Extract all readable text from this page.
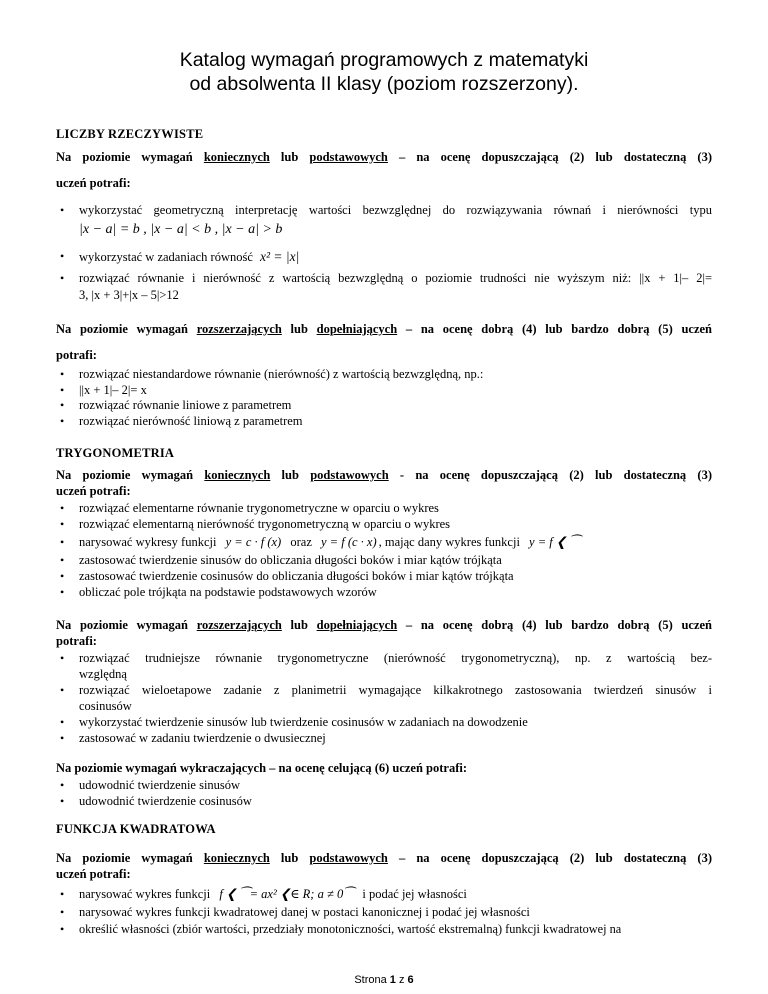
Katalog wymagań programowych z matematyki
od absolwenta II klasy (poziom rozszerzony).
LICZBY RZECZYWISTE
Na poziomie wymagań koniecznych lub podstawowych – na ocenę dopuszczającą (2) lub dostateczną (3)
uczeń potrafi:
• wykorzystać geometryczną interpretację wartości bezwzględnej do rozwiązywania równań i nierówności typu
|x − a| = b , |x − a| < b , |x − a| > b
• wykorzystać w zadaniach równość x² = |x|
• rozwiązać równanie i nierówność z wartością bezwzględną o poziomie trudności nie wyższym niż: ||x + 1|– 2|=
3, |x + 3|+|x – 5|>12
Na poziomie wymagań rozszerzających lub dopełniających – na ocenę dobrą (4) lub bardzo dobrą (5) uczeń
potrafi:
• rozwiązać niestandardowe równanie (nierówność) z wartością bezwzględną, np.:
• ||x + 1|– 2|= x
• rozwiązać równanie liniowe z parametrem
• rozwiązać nierówność liniową z parametrem
TRYGONOMETRIA
Na poziomie wymagań koniecznych lub podstawowych - na ocenę dopuszczającą (2) lub dostateczną (3)
uczeń potrafi:
• rozwiązać elementarne równanie trygonometryczne w oparciu o wykres
• rozwiązać elementarną nierówność trygonometryczną w oparciu o wykres
• narysować wykresy funkcji y = c · f (x) oraz y = f (c · x) , mając dany wykres funkcji y = f ❮ ⁀
• zastosować twierdzenie sinusów do obliczania długości boków i miar kątów trójkąta
• zastosować twierdzenie cosinusów do obliczania długości boków i miar kątów trójkąta
• obliczać pole trójkąta na podstawie podstawowych wzorów
Na poziomie wymagań rozszerzających lub dopełniających – na ocenę dobrą (4) lub bardzo dobrą (5) uczeń
potrafi:
• rozwiązać trudniejsze równanie trygonometryczne (nierówność trygonometryczną), np. z wartością bez-
względną
• rozwiązać wieloetapowe zadanie z planimetrii wymagające kilkakrotnego zastosowania twierdzeń sinusów i
cosinusów
• wykorzystać twierdzenie sinusów lub twierdzenie cosinusów w zadaniach na dowodzenie
• zastosować w zadaniu twierdzenie o dwusiecznej
Na poziomie wymagań wykraczających – na ocenę celującą (6) uczeń potrafi:
• udowodnić twierdzenie sinusów
• udowodnić twierdzenie cosinusów
FUNKCJA KWADRATOWA
Na poziomie wymagań koniecznych lub podstawowych – na ocenę dopuszczającą (2) lub dostateczną (3)
uczeń potrafi:
• narysować wykres funkcji f ❮ ⁀= ax² ❮∈ R; a ≠ 0⁀ i podać jej własności
• narysować wykres funkcji kwadratowej danej w postaci kanonicznej i podać jej własności
• określić własności (zbiór wartości, przedziały monotoniczności, wartość ekstremalną) funkcji kwadratowej na
Strona 1 z 6
